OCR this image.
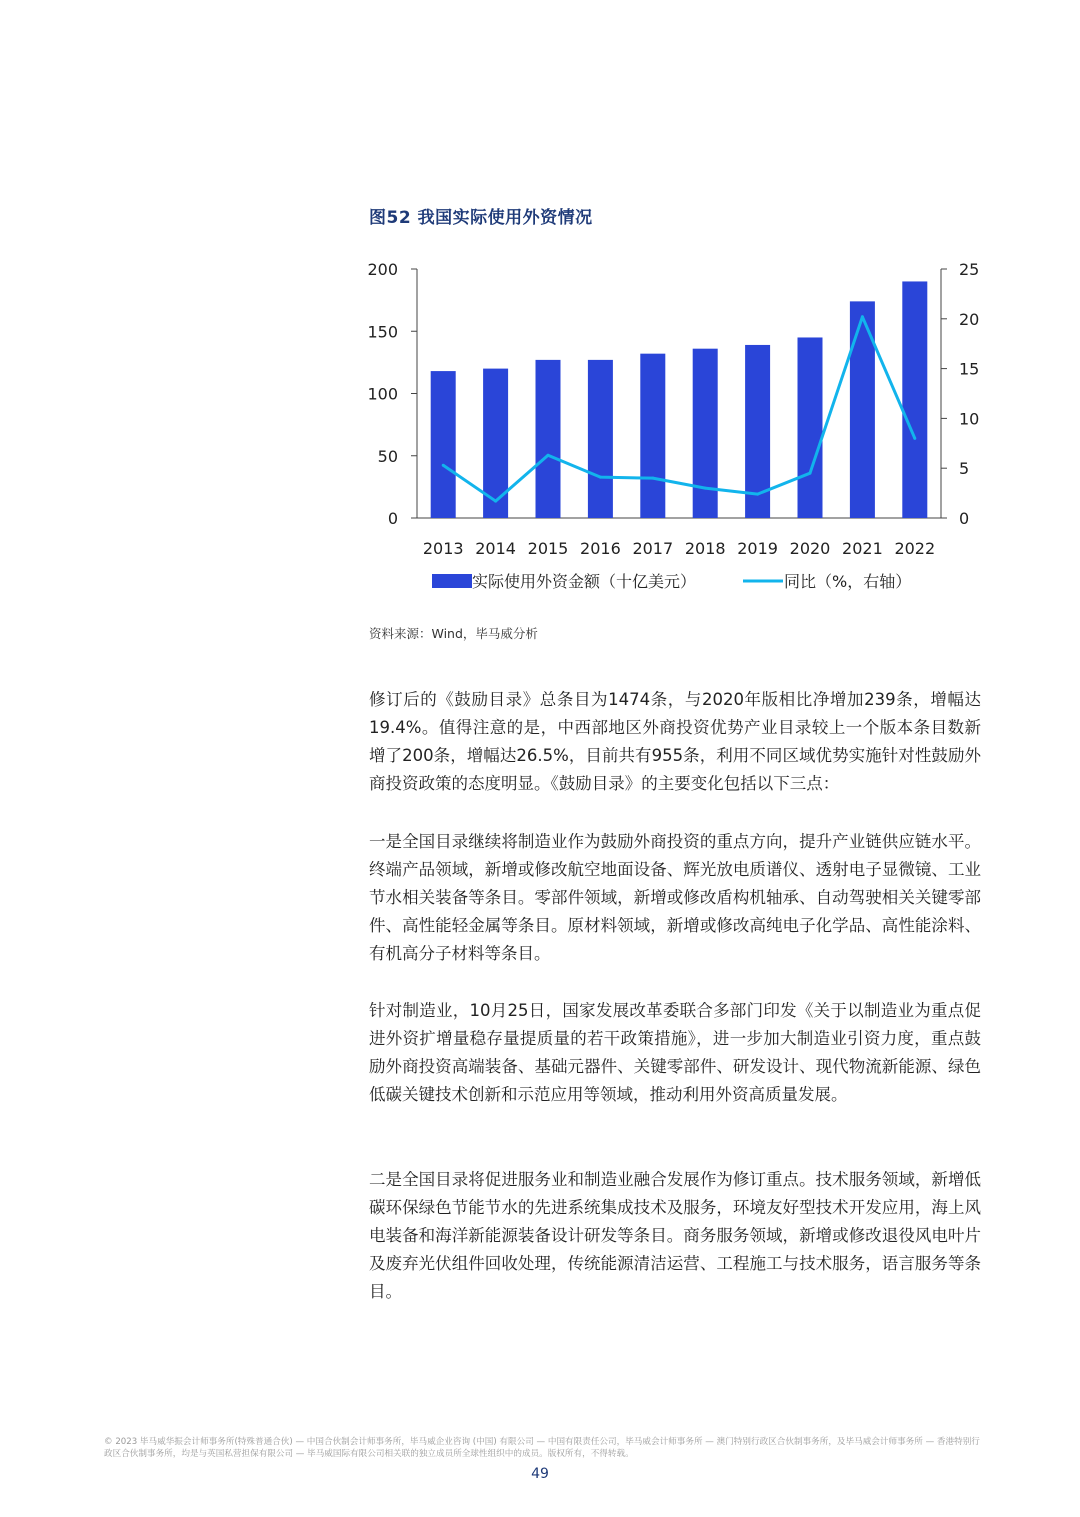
图52 我国实际使用外资情况
0
50
100
150
200
0
5
10
15
20
25
2013 2014 2015 2016 2017 2018 2019 2020 2021 2022
实际使用外资金额（十亿美元）	同比（%，右轴）
资料来源：Wind，毕马威分析

修订后的《鼓励目录》总条目为1474条，与2020年版相比净增加239条，增幅达19.4%。值得注意的是，中西部地区外商投资优势产业目录较上一个版本条目数新增了200条，增幅达26.5%，目前共有955条，利用不同区域优势实施针对性鼓励外商投资政策的态度明显。《鼓励目录》的主要变化包括以下三点：

一是全国目录继续将制造业作为鼓励外商投资的重点方向，提升产业链供应链水平。终端产品领域，新增或修改航空地面设备、辉光放电质谱仪、透射电子显微镜、工业节水相关装备等条目。零部件领域，新增或修改盾构机轴承、自动驾驶相关关键零部件、高性能轻金属等条目。原材料领域，新增或修改高纯电子化学品、高性能涂料、有机高分子材料等条目。

针对制造业，10月25日，国家发展改革委联合多部门印发《关于以制造业为重点促进外资扩增量稳存量提质量的若干政策措施》，进一步加大制造业引资力度，重点鼓励外商投资高端装备、基础元器件、关键零部件、研发设计、现代物流新能源、绿色低碳关键技术创新和示范应用等领域，推动利用外资高质量发展。

二是全国目录将促进服务业和制造业融合发展作为修订重点。技术服务领域，新增低碳环保绿色节能节水的先进系统集成技术及服务，环境友好型技术开发应用，海上风电装备和海洋新能源装备设计研发等条目。商务服务领域，新增或修改退役风电叶片及废弃光伏组件回收处理，传统能源清洁运营、工程施工与技术服务，语言服务等条目。

© 2023 毕马威华振会计师事务所(特殊普通合伙) — 中国合伙制会计师事务所，毕马威企业咨询 (中国) 有限公司 — 中国有限责任公司，毕马威会计师事务所 — 澳门特别行政区合伙制事务所，及毕马威会计师事务所 — 香港特别行政区合伙制事务所，均是与英国私营担保有限公司 — 毕马威国际有限公司相关联的独立成员所全球性组织中的成员。版权所有，不得转载。

49
